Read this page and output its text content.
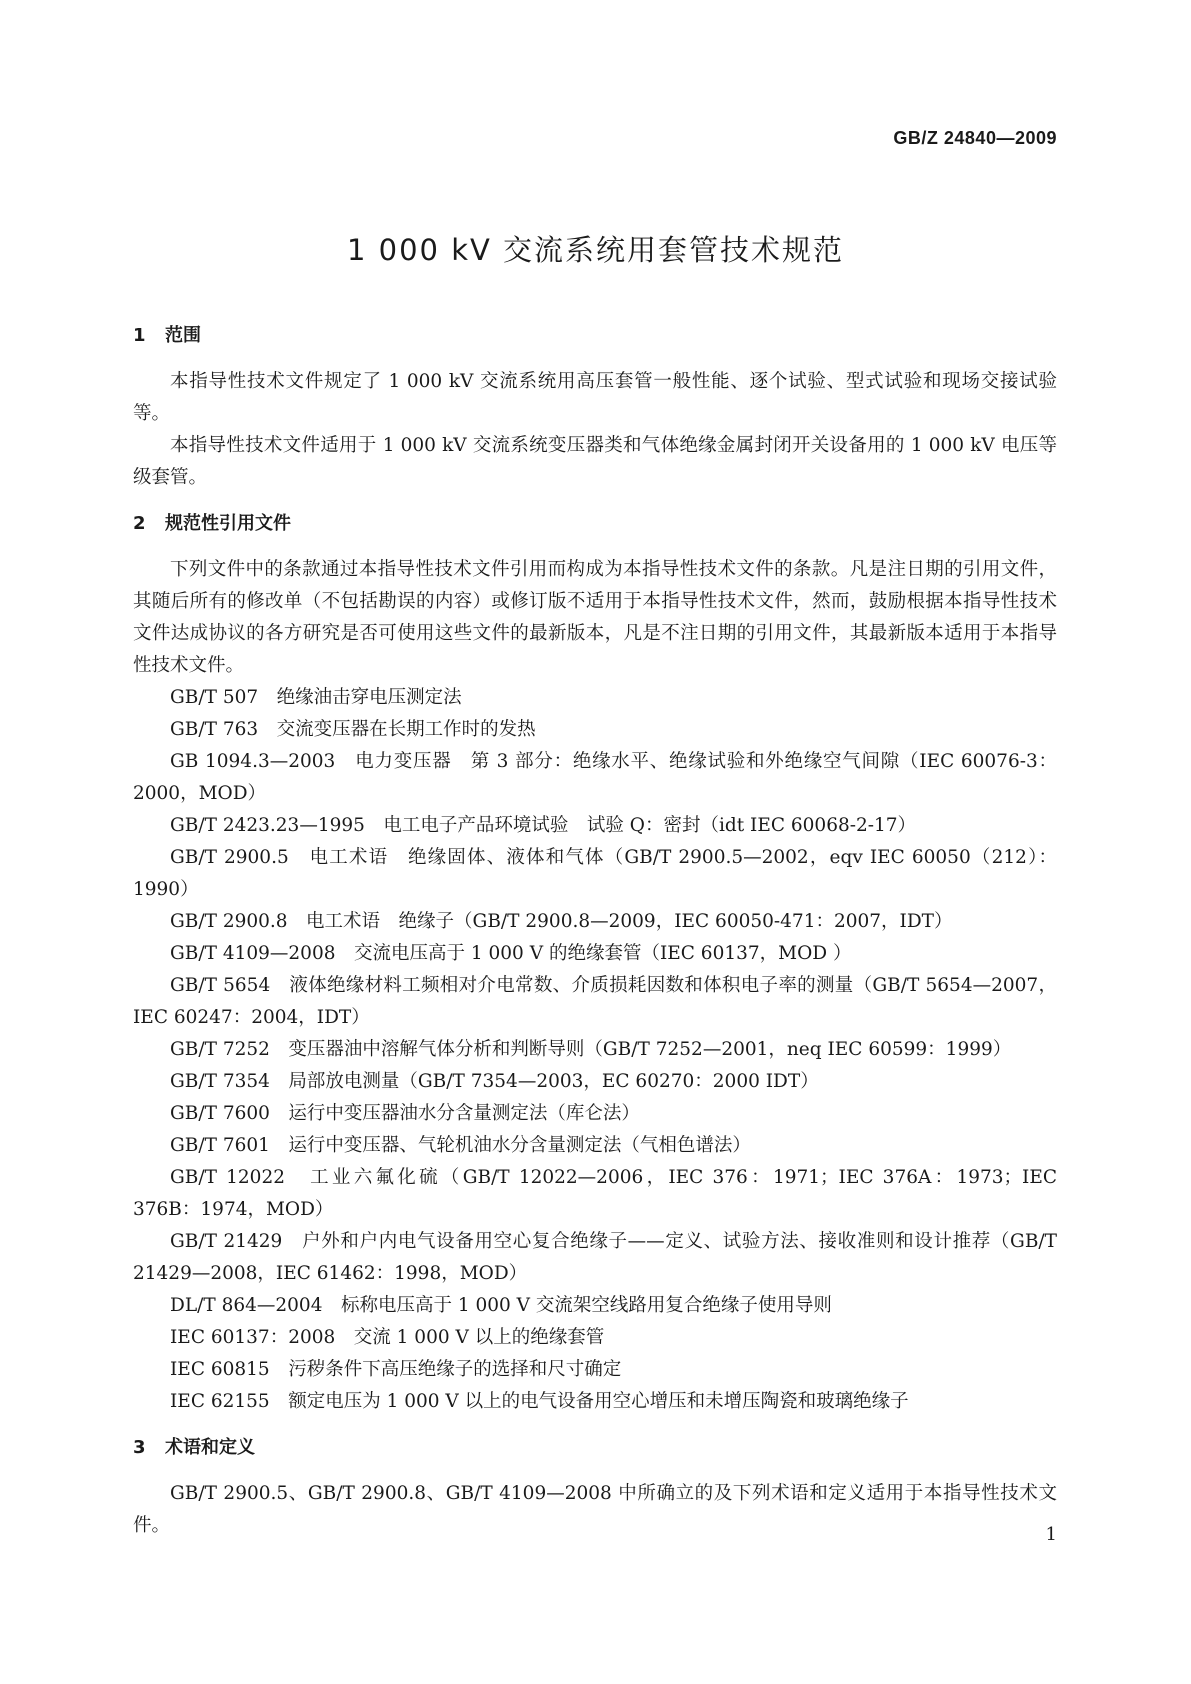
GB/Z 24840—2009
1 000 kV 交流系统用套管技术规范
1 范围

本指导性技术文件规定了 1 000 kV 交流系统用高压套管一般性能、逐个试验、型式试验和现场交接试验等。

本指导性技术文件适用于 1 000 kV 交流系统变压器类和气体绝缘金属封闭开关设备用的 1 000 kV 电压等级套管。

2 规范性引用文件

下列文件中的条款通过本指导性技术文件引用而构成为本指导性技术文件的条款。凡是注日期的引用文件，其随后所有的修改单（不包括勘误的内容）或修订版不适用于本指导性技术文件，然而，鼓励根据本指导性技术文件达成协议的各方研究是否可使用这些文件的最新版本，凡是不注日期的引用文件，其最新版本适用于本指导性技术文件。

GB/T 507　绝缘油击穿电压测定法

GB/T 763　交流变压器在长期工作时的发热

GB 1094.3—2003　电力变压器　第 3 部分：绝缘水平、绝缘试验和外绝缘空气间隙（IEC 60076-3：2000，MOD）

GB/T 2423.23—1995　电工电子产品环境试验　试验 Q：密封（idt IEC 60068-2-17）

GB/T 2900.5　电工术语　绝缘固体、液体和气体（GB/T 2900.5—2002，eqv IEC 60050（212）：1990）

GB/T 2900.8　电工术语　绝缘子（GB/T 2900.8—2009，IEC 60050-471：2007，IDT）

GB/T 4109—2008　交流电压高于 1 000 V 的绝缘套管（IEC 60137，MOD ）

GB/T 5654　液体绝缘材料工频相对介电常数、介质损耗因数和体积电子率的测量（GB/T 5654—2007，IEC 60247：2004，IDT）

GB/T 7252　变压器油中溶解气体分析和判断导则（GB/T 7252—2001，neq IEC 60599：1999）

GB/T 7354　局部放电测量（GB/T 7354—2003，EC 60270：2000 IDT）

GB/T 7600　运行中变压器油水分含量测定法（库仑法）

GB/T 7601　运行中变压器、气轮机油水分含量测定法（气相色谱法）

GB/T 12022　工业六氟化硫（GB/T 12022—2006，IEC 376：1971；IEC 376A：1973；IEC 376B：1974，MOD）

GB/T 21429　户外和户内电气设备用空心复合绝缘子——定义、试验方法、接收准则和设计推荐（GB/T 21429—2008，IEC 61462：1998，MOD）

DL/T 864—2004　标称电压高于 1 000 V 交流架空线路用复合绝缘子使用导则

IEC 60137：2008　交流 1 000 V 以上的绝缘套管

IEC 60815　污秽条件下高压绝缘子的选择和尺寸确定

IEC 62155　额定电压为 1 000 V 以上的电气设备用空心增压和未增压陶瓷和玻璃绝缘子

3 术语和定义

GB/T 2900.5、GB/T 2900.8、GB/T 4109—2008 中所确立的及下列术语和定义适用于本指导性技术文件。	1
